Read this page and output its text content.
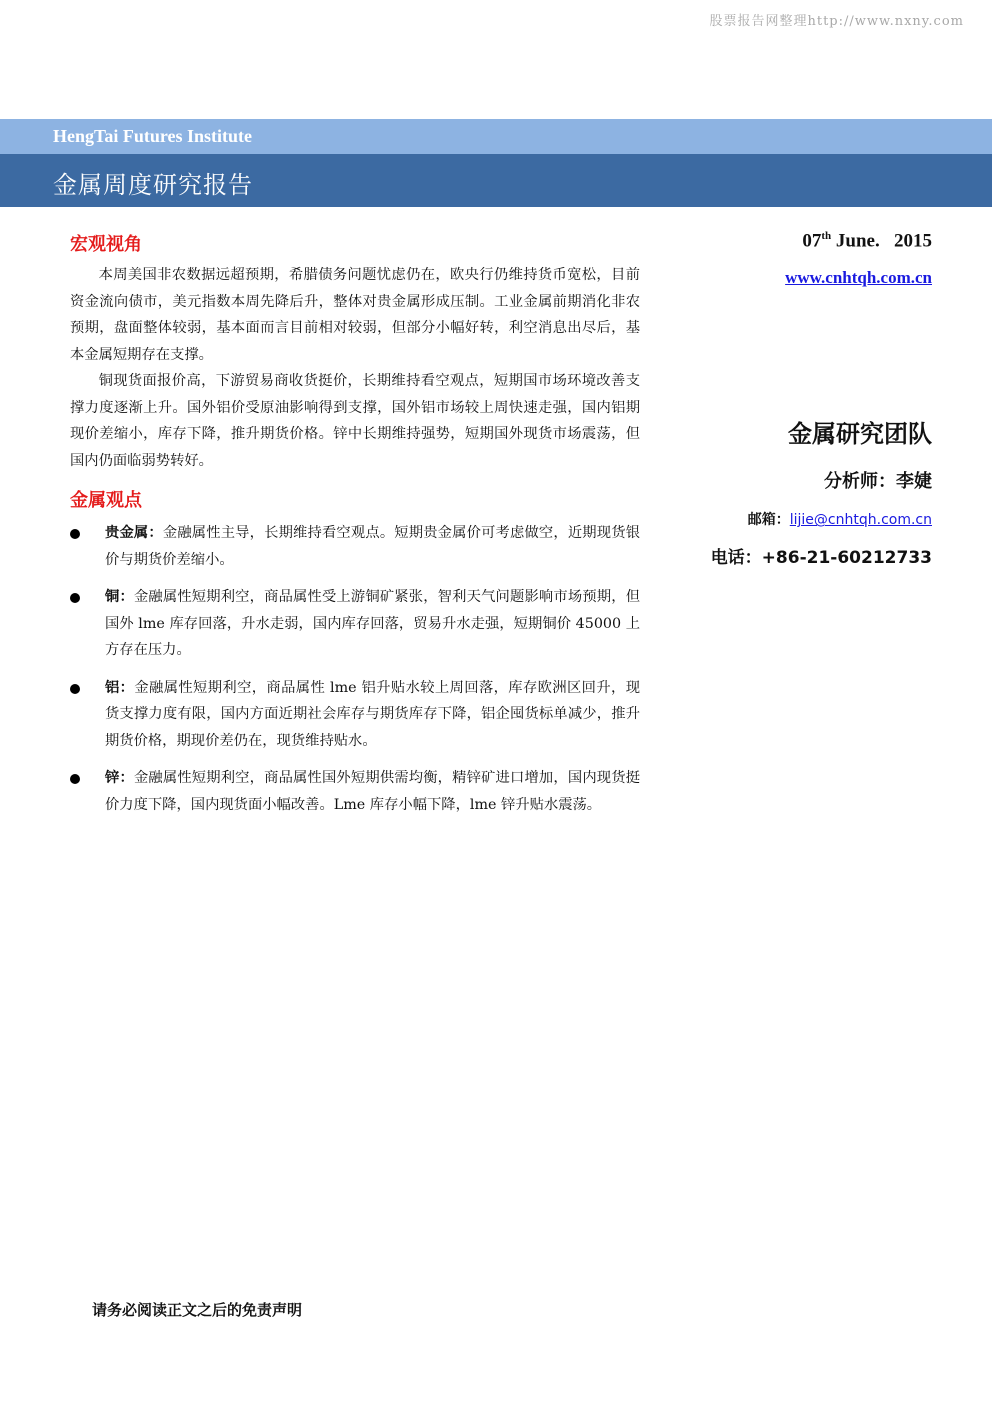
股票报告网整理http://www.nxny.com
HengTai Futures Institute
金属周度研究报告
宏观视角

本周美国非农数据远超预期，希腊债务问题忧虑仍在，欧央行仍维持货币宽松，目前资金流向债市，美元指数本周先降后升，整体对贵金属形成压制。工业金属前期消化非农预期，盘面整体较弱，基本面而言目前相对较弱，但部分小幅好转，利空消息出尽后，基本金属短期存在支撑。

铜现货面报价高，下游贸易商收货挺价，长期维持看空观点，短期国市场环境改善支撑力度逐渐上升。国外铝价受原油影响得到支撑，国外铝市场较上周快速走强，国内铝期现价差缩小，库存下降，推升期货价格。锌中长期维持强势，短期国外现货市场震荡，但国内仍面临弱势转好。

金属观点
贵金属：金融属性主导，长期维持看空观点。短期贵金属价可考虑做空，近期现货银价与期货价差缩小。
铜：金融属性短期利空，商品属性受上游铜矿紧张，智利天气问题影响市场预期，但国外 lme 库存回落，升水走弱，国内库存回落，贸易升水走强，短期铜价 45000 上方存在压力。
铝：金融属性短期利空，商品属性 lme 铝升贴水较上周回落，库存欧洲区回升，现货支撑力度有限，国内方面近期社会库存与期货库存下降，铝企囤货标单减少，推升期货价格，期现价差仍在，现货维持贴水。
锌：金融属性短期利空，商品属性国外短期供需均衡，精锌矿进口增加，国内现货挺价力度下降，国内现货面小幅改善。Lme 库存小幅下降，lme 锌升贴水震荡。
07th June.   2015
www.cnhtqh.com.cn
金属研究团队
分析师：李婕
邮箱：lijie@cnhtqh.com.cn
电话：+86-21-60212733
请务必阅读正文之后的免责声明
